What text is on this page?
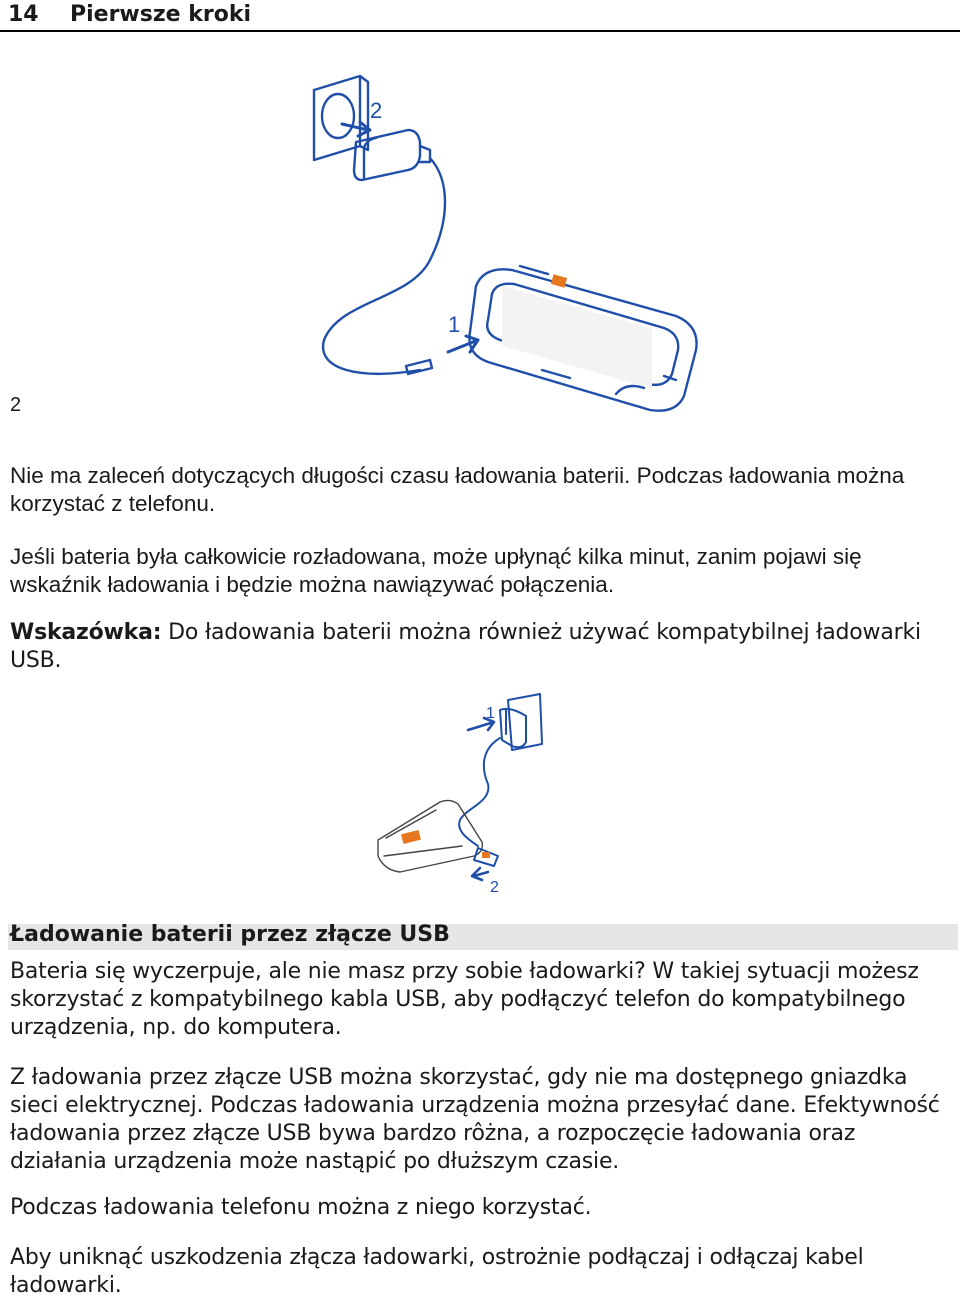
14 Pierwsze kroki
2
1
2

Nie ma zaleceń dotyczących długości czasu ładowania baterii. Podczas ładowania można korzystać z telefonu.

Jeśli bateria była całkowicie rozładowana, może upłynąć kilka minut, zanim pojawi się wskaźnik ładowania i będzie można nawiązywać połączenia.

Wskazówka: Do ładowania baterii można również używać kompatybilnej ładowarki USB.

1
2
Ładowanie baterii przez złącze USB

Bateria się wyczerpuje, ale nie masz przy sobie ładowarki? W takiej sytuacji możesz skorzystać z kompatybilnego kabla USB, aby podłączyć telefon do kompatybilnego urządzenia, np. do komputera.

Z ładowania przez złącze USB można skorzystać, gdy nie ma dostępnego gniazdka sieci elektrycznej. Podczas ładowania urządzenia można przesyłać dane. Efektywność ładowania przez złącze USB bywa bardzo rôżna, a rozpoczęcie ładowania oraz działania urządzenia może nastąpić po dłuższym czasie.

Podczas ładowania telefonu można z niego korzystać.

Aby uniknąć uszkodzenia złącza ładowarki, ostrożnie podłączaj i odłączaj kabel ładowarki.
